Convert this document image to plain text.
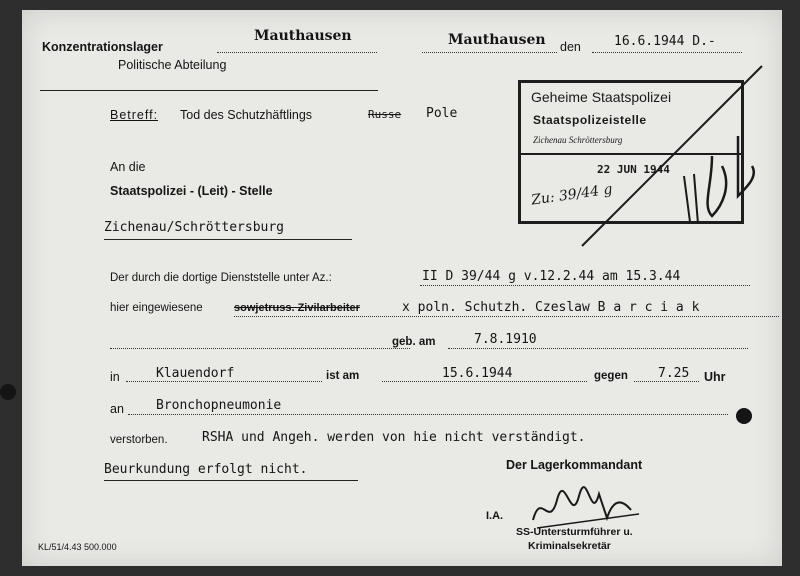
Konzentrationslager
Mauthausen
Politische Abteilung
Mauthausen den	16.6.1944 D.-
Betreff: Tod des Schutzhäftlings	Russe Pole
An die
Staatspolizei - (Leit) - Stelle
Zichenau/Schröttersburg
Der durch die dortige Dienststelle unter Az.:	II D 39/44 g v.12.2.44 am 15.3.44
hier eingewiesene	sowjetruss. Zivilarbeiter	x poln. Schutzh. Czeslaw B a r c i a k
geb. am	7.8.1910
in	Klauendorf	ist am	15.6.1944	gegen 7.25 Uhr
an Bronchopneumonie
verstorben.	RSHA und Angeh. werden von hie nicht verständigt.
Beurkundung erfolgt nicht.	Der Lagerkommandant
I.A.
SS-Untersturmführer u.
Kriminalsekretär
KL/51/4.43 500.000
Geheime Staatspolizei
Staatspolizeistelle
Zichenau Schröttersburg
22 JUN 1944
Zu: 39/44 g
